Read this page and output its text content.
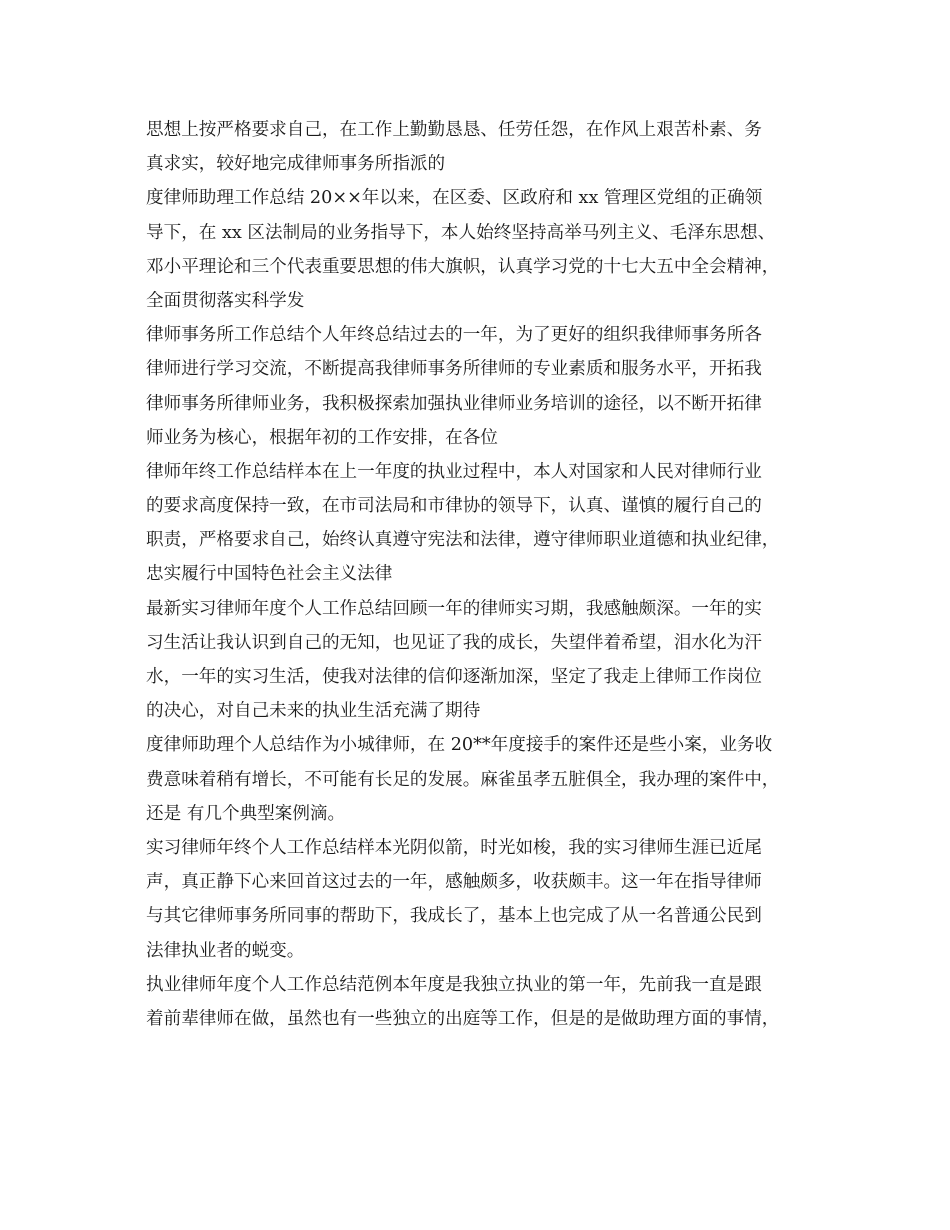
思想上按严格要求自己，在工作上勤勤恳恳、任劳任怨，在作风上艰苦朴素、务
真求实，较好地完成律师事务所指派的
度律师助理工作总结 20××年以来，在区委、区政府和 xx 管理区党组的正确领
导下，在 xx 区法制局的业务指导下，本人始终坚持高举马列主义、毛泽东思想、
邓小平理论和三个代表重要思想的伟大旗帜，认真学习党的十七大五中全会精神，
全面贯彻落实科学发
律师事务所工作总结个人年终总结过去的一年，为了更好的组织我律师事务所各
律师进行学习交流，不断提高我律师事务所律师的专业素质和服务水平，开拓我
律师事务所律师业务，我积极探索加强执业律师业务培训的途径，以不断开拓律
师业务为核心，根据年初的工作安排，在各位
律师年终工作总结样本在上一年度的执业过程中，本人对国家和人民对律师行业
的要求高度保持一致，在市司法局和市律协的领导下，认真、谨慎的履行自己的
职责，严格要求自己，始终认真遵守宪法和法律，遵守律师职业道德和执业纪律，
忠实履行中国特色社会主义法律
最新实习律师年度个人工作总结回顾一年的律师实习期，我感触颇深。一年的实
习生活让我认识到自己的无知，也见证了我的成长，失望伴着希望，泪水化为汗
水，一年的实习生活，使我对法律的信仰逐渐加深，坚定了我走上律师工作岗位
的决心，对自己未来的执业生活充满了期待
度律师助理个人总结作为小城律师，在 20**年度接手的案件还是些小案，业务收
费意味着稍有增长，不可能有长足的发展。麻雀虽孝五脏俱全，我办理的案件中，
还是 有几个典型案例滴。
实习律师年终个人工作总结样本光阴似箭，时光如梭，我的实习律师生涯已近尾
声，真正静下心来回首这过去的一年，感触颇多，收获颇丰。这一年在指导律师
与其它律师事务所同事的帮助下，我成长了，基本上也完成了从一名普通公民到
法律执业者的蜕变。
执业律师年度个人工作总结范例本年度是我独立执业的第一年，先前我一直是跟
着前辈律师在做，虽然也有一些独立的出庭等工作，但是的是做助理方面的事情，
